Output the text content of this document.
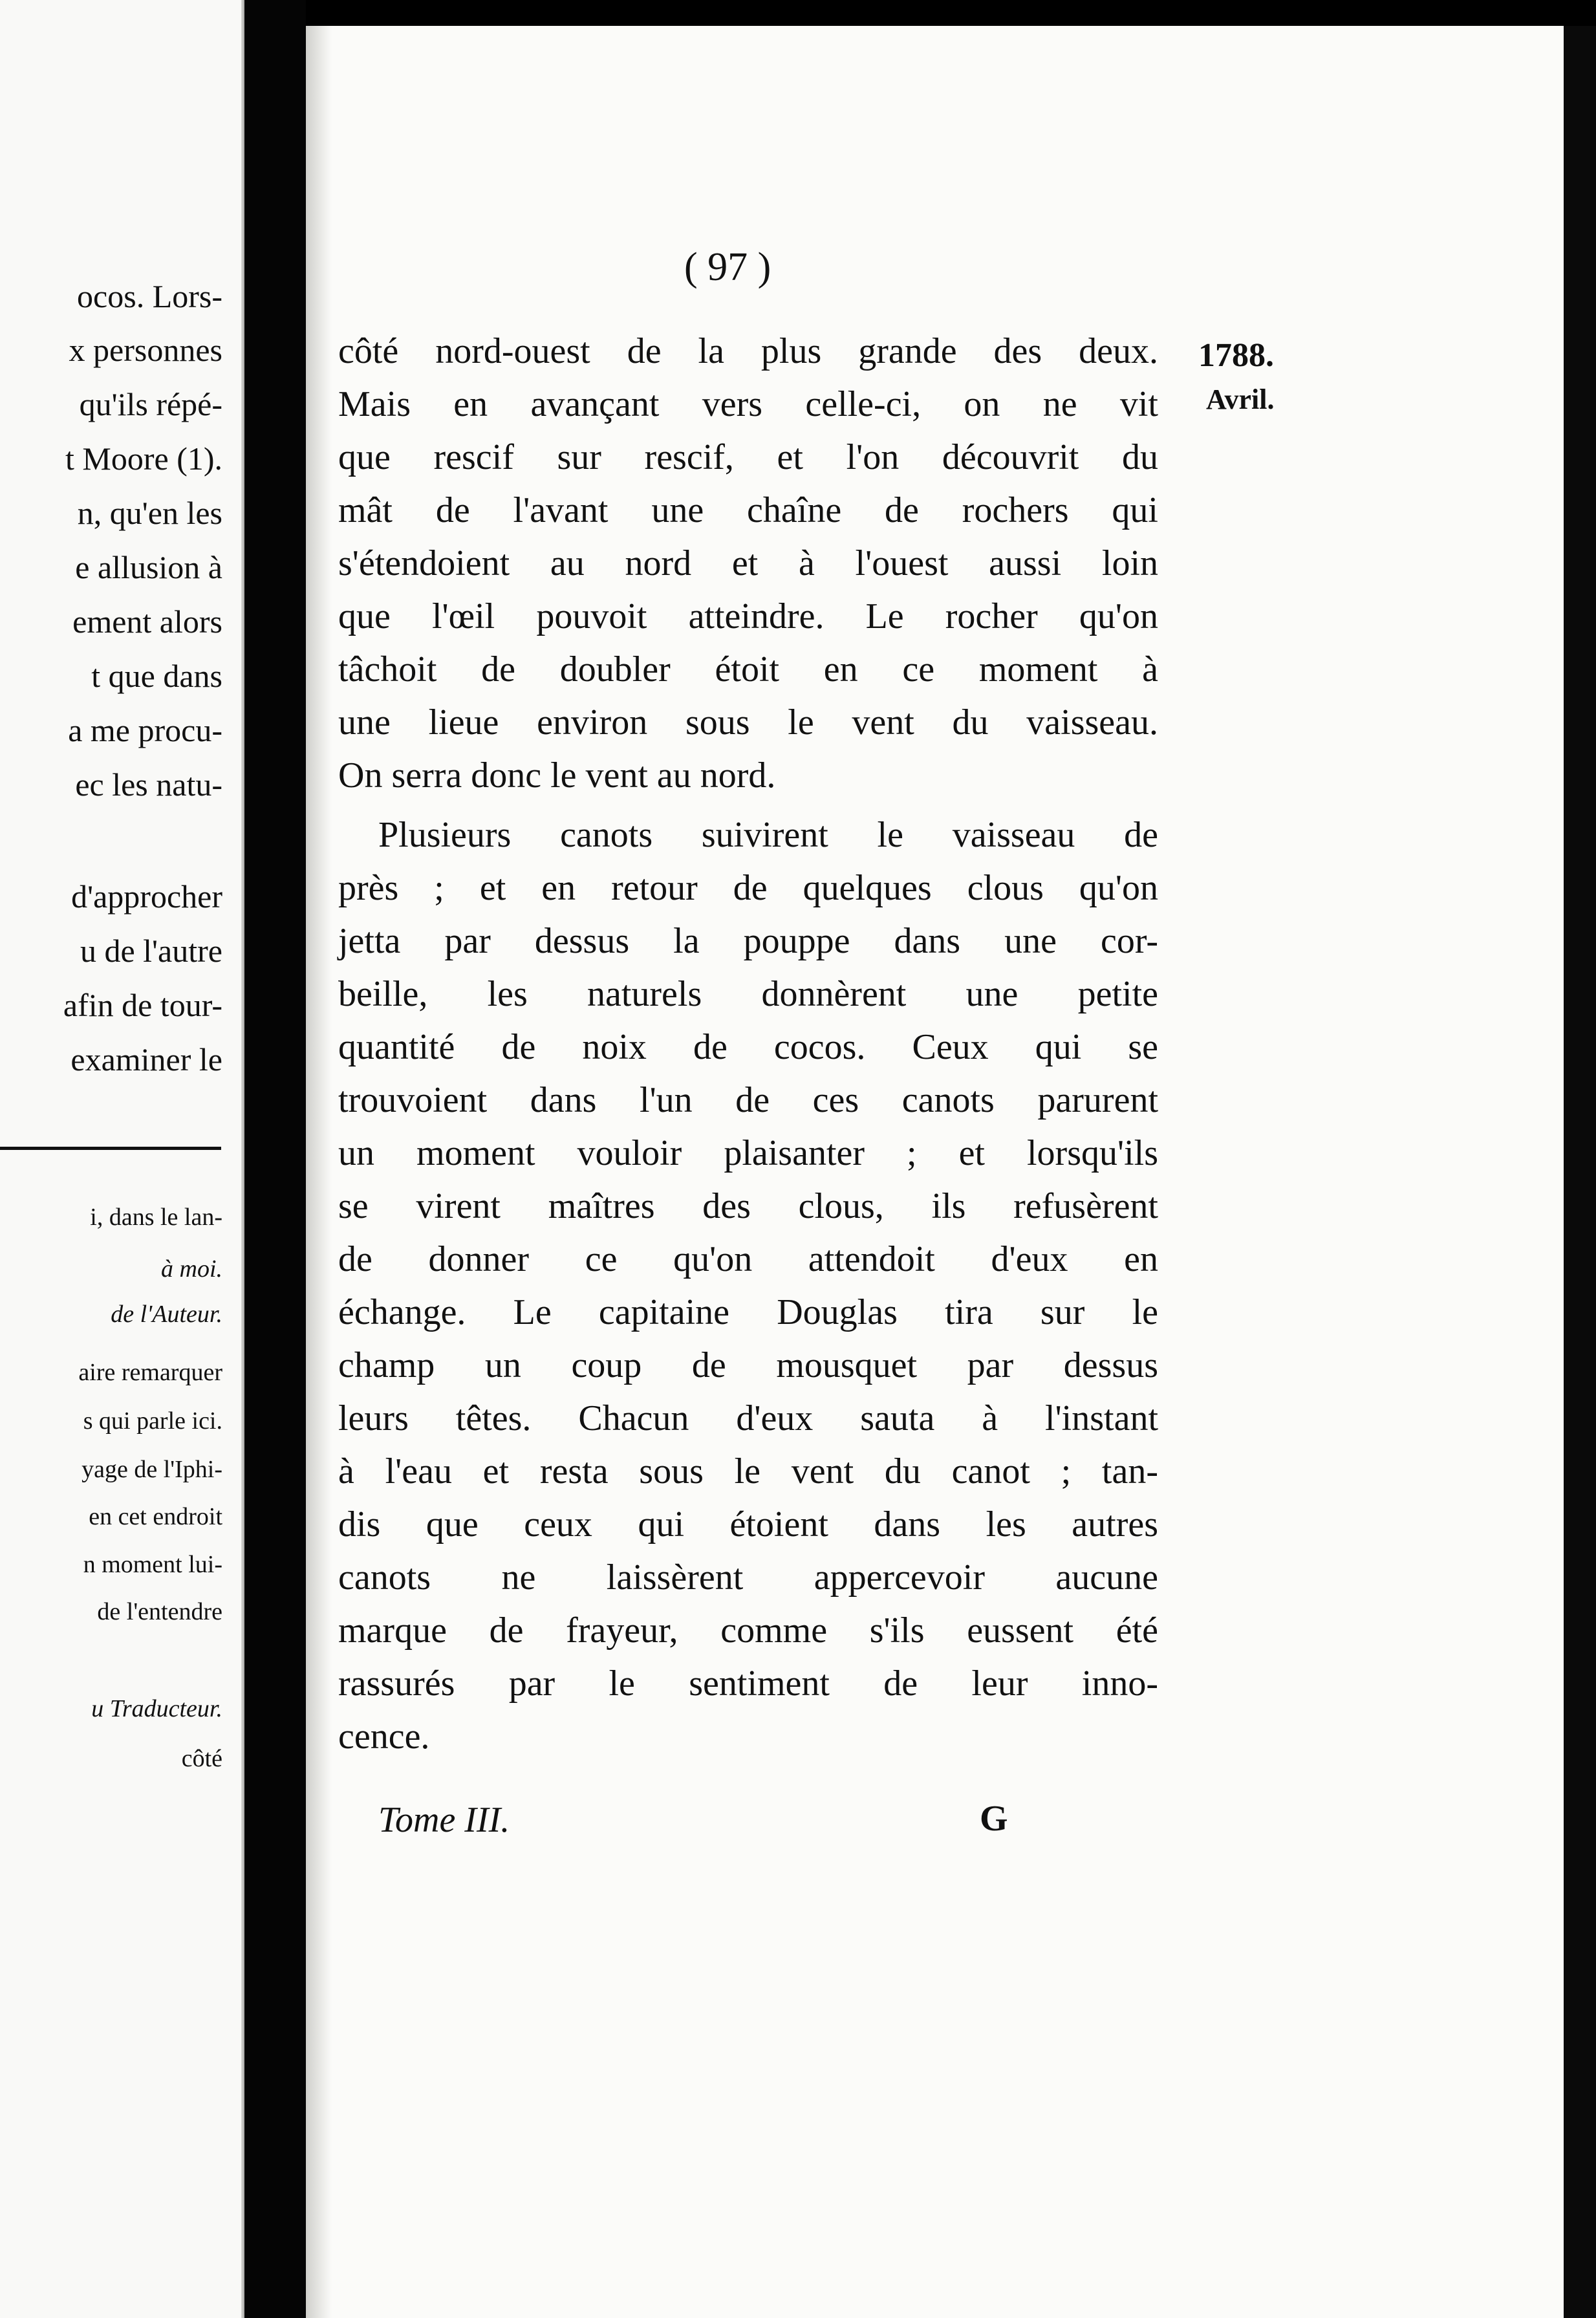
ocos. Lors-

x personnes

qu'ils répé-

t Moore (1).

n, qu'en les

e allusion à

ement alors

t que dans

a me procu-

ec les natu-

d'approcher

u de l'autre

afin de tour-

examiner le

i, dans le lan-

à moi.

de l'Auteur.

aire remarquer

s qui parle ici.

yage de l'Iphi-

en cet endroit

n moment lui-

de l'entendre

u Traducteur.

côté

( 97 )
1788.
Avril.

côté nord-ouest de la plus grande des deux.

Mais en avançant vers celle-ci, on ne vit

que rescif sur rescif, et l'on découvrit du

mât de l'avant une chaîne de rochers qui

s'étendoient au nord et à l'ouest aussi loin

que l'œil pouvoit atteindre. Le rocher qu'on

tâchoit de doubler étoit en ce moment à

une lieue environ sous le vent du vaisseau.

On serra donc le vent au nord.

Plusieurs canots suivirent le vaisseau de

près ; et en retour de quelques clous qu'on

jetta par dessus la pouppe dans une cor-

beille, les naturels donnèrent une petite

quantité de noix de cocos. Ceux qui se

trouvoient dans l'un de ces canots parurent

un moment vouloir plaisanter ; et lorsqu'ils

se virent maîtres des clous, ils refusèrent

de donner ce qu'on attendoit d'eux en

échange. Le capitaine Douglas tira sur le

champ un coup de mousquet par dessus

leurs têtes. Chacun d'eux sauta à l'instant

à l'eau et resta sous le vent du canot ; tan-

dis que ceux qui étoient dans les autres

canots ne laissèrent appercevoir aucune

marque de frayeur, comme s'ils eussent été

rassurés par le sentiment de leur inno-

cence.

Tome III.	G
